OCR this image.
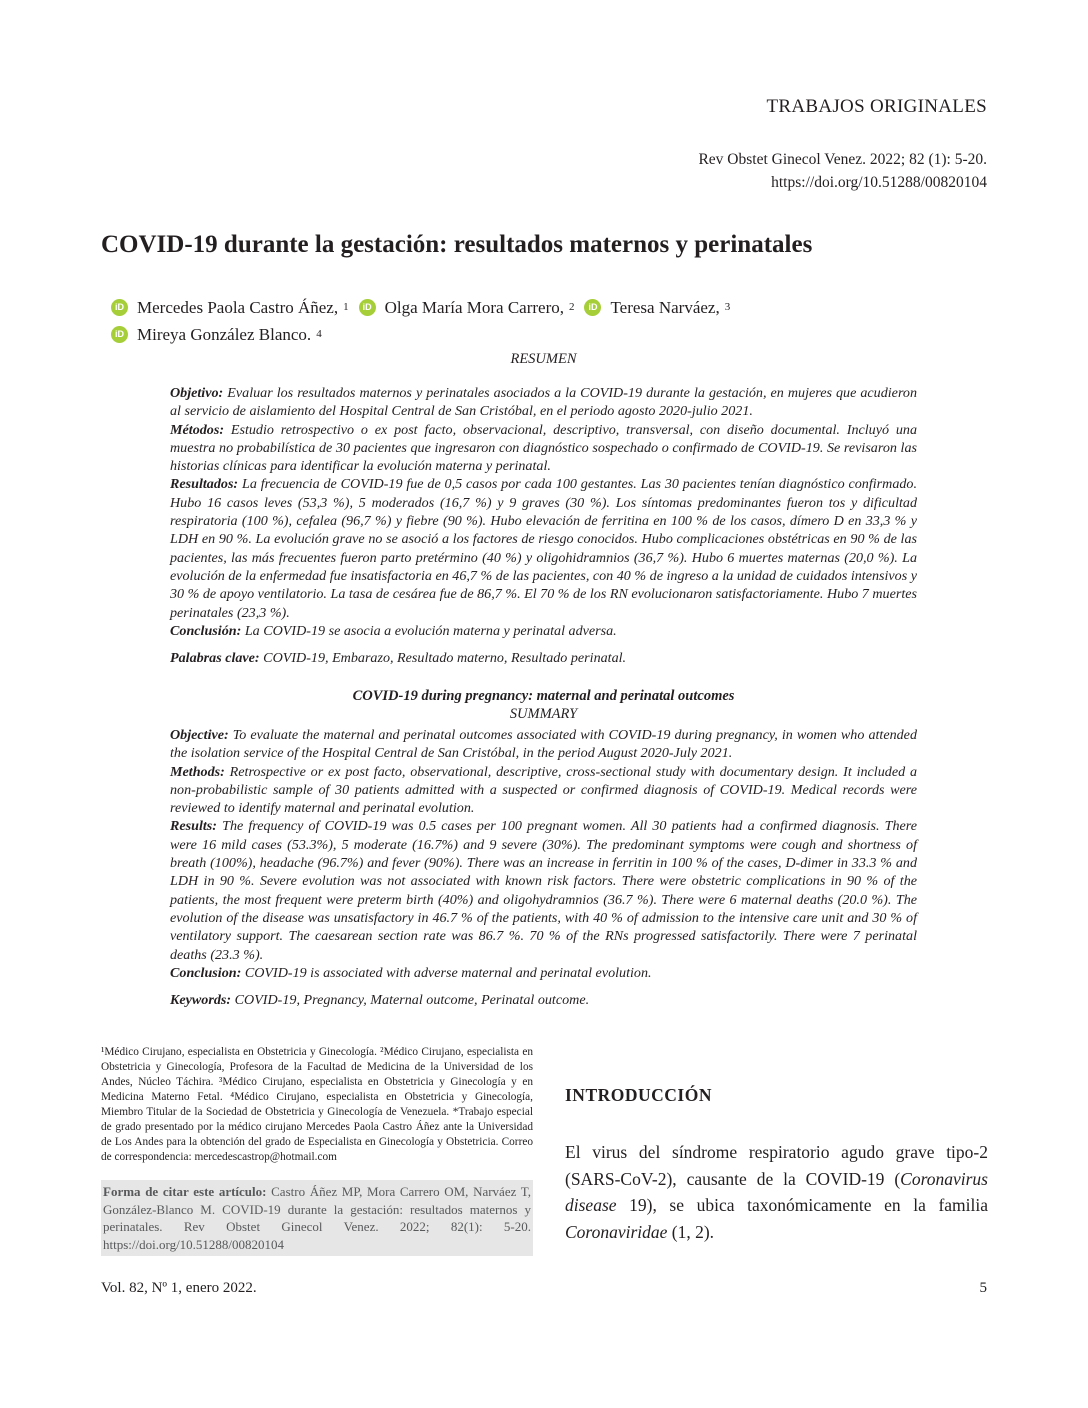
TRABAJOS ORIGINALES
Rev Obstet Ginecol Venez. 2022; 82 (1): 5-20.
https://doi.org/10.51288/00820104
COVID-19 durante la gestación: resultados maternos y perinatales
iD Mercedes Paola Castro Áñez, 1	iD Olga María Mora Carrero, 2	iD Teresa Narváez, 3
iD Mireya González Blanco. 4
RESUMEN
Objetivo: Evaluar los resultados maternos y perinatales asociados a la COVID-19 durante la gestación, en mujeres que acudieron al servicio de aislamiento del Hospital Central de San Cristóbal, en el periodo agosto 2020-julio 2021.
Métodos: Estudio retrospectivo o ex post facto, observacional, descriptivo, transversal, con diseño documental. Incluyó una muestra no probabilística de 30 pacientes que ingresaron con diagnóstico sospechado o confirmado de COVID-19. Se revisaron las historias clínicas para identificar la evolución materna y perinatal.
Resultados: La frecuencia de COVID-19 fue de 0,5 casos por cada 100 gestantes. Las 30 pacientes tenían diagnóstico confirmado. Hubo 16 casos leves (53,3 %), 5 moderados (16,7 %) y 9 graves (30 %). Los síntomas predominantes fueron tos y dificultad respiratoria (100 %), cefalea (96,7 %) y fiebre (90 %). Hubo elevación de ferritina en 100 % de los casos, dímero D en 33,3 % y LDH en 90 %. La evolución grave no se asoció a los factores de riesgo conocidos. Hubo complicaciones obstétricas en 90 % de las pacientes, las más frecuentes fueron parto pretérmino (40 %) y oligohidramnios (36,7 %). Hubo 6 muertes maternas (20,0 %). La evolución de la enfermedad fue insatisfactoria en 46,7 % de las pacientes, con 40 % de ingreso a la unidad de cuidados intensivos y 30 % de apoyo ventilatorio. La tasa de cesárea fue de 86,7 %. El 70 % de los RN evolucionaron satisfactoriamente. Hubo 7 muertes perinatales (23,3 %).
Conclusión: La COVID-19 se asocia a evolución materna y perinatal adversa.
Palabras clave: COVID-19, Embarazo, Resultado materno, Resultado perinatal.
COVID-19 during pregnancy: maternal and perinatal outcomes
SUMMARY
Objective: To evaluate the maternal and perinatal outcomes associated with COVID-19 during pregnancy, in women who attended the isolation service of the Hospital Central de San Cristóbal, in the period August 2020-July 2021.
Methods: Retrospective or ex post facto, observational, descriptive, cross-sectional study with documentary design. It included a non-probabilistic sample of 30 patients admitted with a suspected or confirmed diagnosis of COVID-19. Medical records were reviewed to identify maternal and perinatal evolution.
Results: The frequency of COVID-19 was 0.5 cases per 100 pregnant women. All 30 patients had a confirmed diagnosis. There were 16 mild cases (53.3%), 5 moderate (16.7%) and 9 severe (30%). The predominant symptoms were cough and shortness of breath (100%), headache (96.7%) and fever (90%). There was an increase in ferritin in 100 % of the cases, D-dimer in 33.3 % and LDH in 90 %. Severe evolution was not associated with known risk factors. There were obstetric complications in 90 % of the patients, the most frequent were preterm birth (40%) and oligohydramnios (36.7 %). There were 6 maternal deaths (20.0 %). The evolution of the disease was unsatisfactory in 46.7 % of the patients, with 40 % of admission to the intensive care unit and 30 % of ventilatory support. The caesarean section rate was 86.7 %. 70 % of the RNs progressed satisfactorily. There were 7 perinatal deaths (23.3 %).
Conclusion: COVID-19 is associated with adverse maternal and perinatal evolution.
Keywords: COVID-19, Pregnancy, Maternal outcome, Perinatal outcome.
¹Médico Cirujano, especialista en Obstetricia y Ginecología. ²Médico Cirujano, especialista en Obstetricia y Ginecología, Profesora de la Facultad de Medicina de la Universidad de los Andes, Núcleo Táchira. ³Médico Cirujano, especialista en Obstetricia y Ginecología y en Medicina Materno Fetal. ⁴Médico Cirujano, especialista en Obstetricia y Ginecología, Miembro Titular de la Sociedad de Obstetricia y Ginecología de Venezuela. *Trabajo especial de grado presentado por la médico cirujano Mercedes Paola Castro Áñez ante la Universidad de Los Andes para la obtención del grado de Especialista en Ginecología y Obstetricia. Correo de correspondencia: mercedescastrop@hotmail.com
Forma de citar este artículo: Castro Áñez MP, Mora Carrero OM, Narváez T, González-Blanco M. COVID-19 durante la gestación: resultados maternos y perinatales. Rev Obstet Ginecol Venez. 2022; 82(1): 5-20. https://doi.org/10.51288/00820104
INTRODUCCIÓN
El virus del síndrome respiratorio agudo grave tipo-2 (SARS-CoV-2), causante de la COVID-19 (Coronavirus disease 19), se ubica taxonómicamente en la familia Coronaviridae (1, 2).
Vol. 82, Nº 1, enero 2022.	5
